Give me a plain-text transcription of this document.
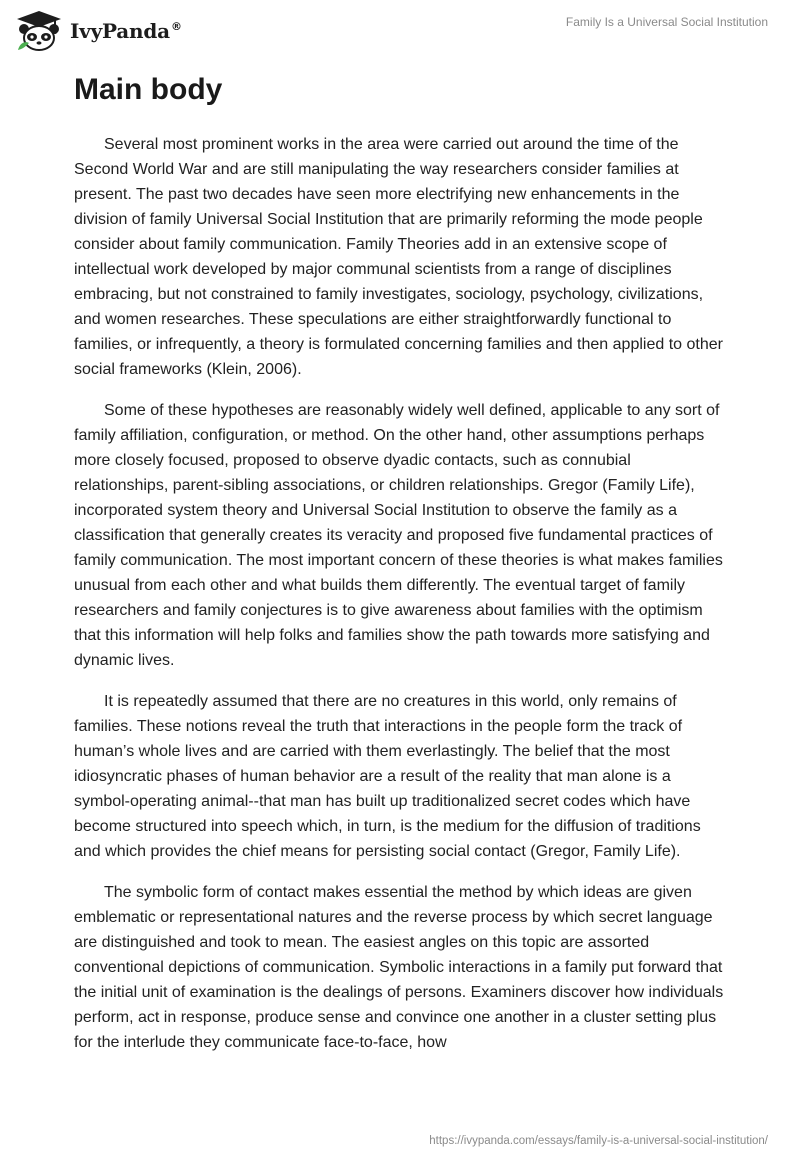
IvyPanda®	Family Is a Universal Social Institution
Main body

Several most prominent works in the area were carried out around the time of the Second World War and are still manipulating the way researchers consider families at present. The past two decades have seen more electrifying new enhancements in the division of family Universal Social Institution that are primarily reforming the mode people consider about family communication. Family Theories add in an extensive scope of intellectual work developed by major communal scientists from a range of disciplines embracing, but not constrained to family investigates, sociology, psychology, civilizations, and women researches. These speculations are either straightforwardly functional to families, or infrequently, a theory is formulated concerning families and then applied to other social frameworks (Klein, 2006).

Some of these hypotheses are reasonably widely well defined, applicable to any sort of family affiliation, configuration, or method. On the other hand, other assumptions perhaps more closely focused, proposed to observe dyadic contacts, such as connubial relationships, parent-sibling associations, or children relationships. Gregor (Family Life), incorporated system theory and Universal Social Institution to observe the family as a classification that generally creates its veracity and proposed five fundamental practices of family communication. The most important concern of these theories is what makes families unusual from each other and what builds them differently. The eventual target of family researchers and family conjectures is to give awareness about families with the optimism that this information will help folks and families show the path towards more satisfying and dynamic lives.

It is repeatedly assumed that there are no creatures in this world, only remains of families. These notions reveal the truth that interactions in the people form the track of human’s whole lives and are carried with them everlastingly. The belief that the most idiosyncratic phases of human behavior are a result of the reality that man alone is a symbol-operating animal--that man has built up traditionalized secret codes which have become structured into speech which, in turn, is the medium for the diffusion of traditions and which provides the chief means for persisting social contact (Gregor, Family Life).

The symbolic form of contact makes essential the method by which ideas are given emblematic or representational natures and the reverse process by which secret language are distinguished and took to mean. The easiest angles on this topic are assorted conventional depictions of communication. Symbolic interactions in a family put forward that the initial unit of examination is the dealings of persons. Examiners discover how individuals perform, act in response, produce sense and convince one another in a cluster setting plus for the interlude they communicate face-to-face, how

https://ivypanda.com/essays/family-is-a-universal-social-institution/
